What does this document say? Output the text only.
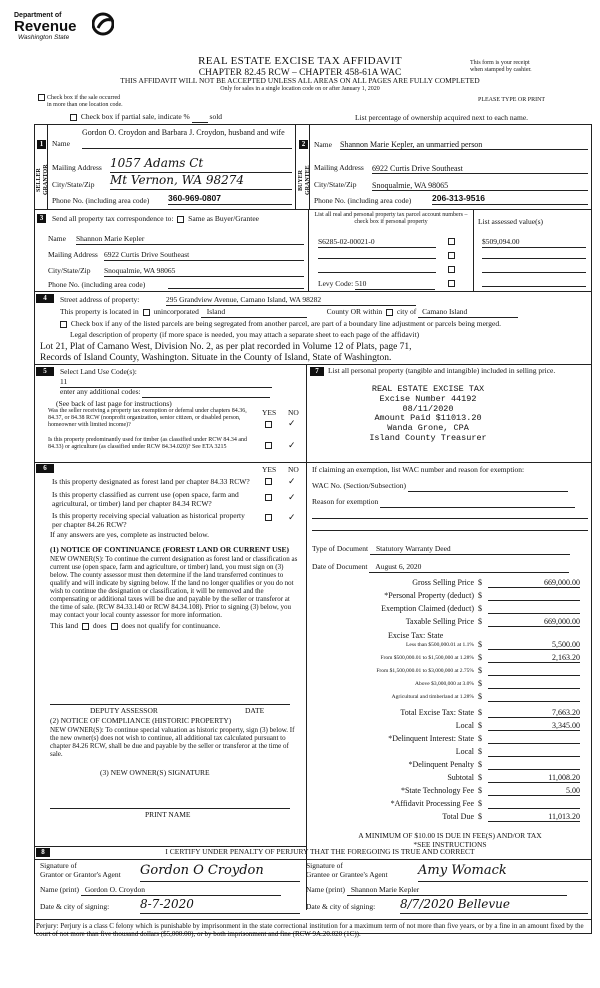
Department of
Revenue
Washington State
REAL ESTATE EXCISE TAX AFFIDAVIT
CHAPTER 82.45 RCW – CHAPTER 458-61A WAC
THIS AFFIDAVIT WILL NOT BE ACCEPTED UNLESS ALL AREAS ON ALL PAGES ARE FULLY COMPLETED
Only for sales in a single location code on or after January 1, 2020
This form is your receipt
when stamped by cashier.
PLEASE TYPE OR PRINT
Check box if the sale occurred
in more than one location code.
Check box if partial sale, indicate %	sold	List percentage of ownership acquired next to each name.
1
SELLER GRANTOR
Name
Gordon O. Croydon and Barbara J. Croydon, husband and wife
Mailing Address 1057 Adams Ct
City/State/Zip Mt Vernon, WA 98274
Phone No. (including area code) 360-969-0807
2
BUYER GRANTEE
Name Shannon Marie Kepler, an unmarried person
Mailing Address 6922 Curtis Drive Southeast
City/State/Zip Snoqualmie, WA 98065
Phone No. (including area code) 206-313-9516
3	Send all property tax correspondence to: Same as Buyer/Grantee
Name Shannon Marie Kepler
Mailing Address 6922 Curtis Drive Southeast
City/State/Zip Snoqualmie, WA 98065
Phone No. (including area code)
List all real and personal property tax parcel account numbers – check box if personal property	List assessed value(s)
S6285-02-00021-0	$509,094.00
Levy Code: 510
4	Street address of property:	295 Grandview Avenue, Camano Island, WA 98282
This property is located in unincorporated Island	County OR within city of Camano Island
Check box if any of the listed parcels are being segregated from another parcel, are part of a boundary line adjustment or parcels being merged.
Legal description of property (if more space is needed, you may attach a separate sheet to each page of the affidavit)
Lot 21, Plat of Camano West, Division No. 2, as per plat recorded in Volume 12 of Plats, page 71,
Records of Island County, Washington. Situate in the County of Island, State of Washington.
5	Select Land Use Code(s):
11
enter any additional codes:
(See back of last page for instructions)
YES NO
Was the seller receiving a property tax exemption or deferral under chapters 84.36, 84.37, or 84.38 RCW (nonprofit organization, senior citizen, or disabled person, homeowner with limited income)?	✓
Is this property predominantly used for timber (as classified under RCW 84.34 and 84.33) or agriculture (as classified under RCW 84.34.020)? See ETA 3215	✓
6	YES NO
Is this property designated as forest land per chapter 84.33 RCW?	✓
Is this property classified as current use (open space, farm and agricultural, or timber) land per chapter 84.34 RCW?
✓
Is this property receiving special valuation as historical property per chapter 84.26 RCW?
✓
If any answers are yes, complete as instructed below.
(1) NOTICE OF CONTINUANCE (FOREST LAND OR CURRENT USE)
NEW OWNER(S): To continue the current designation as forest land or classification as current use (open space, farm and agriculture, or timber) land, you must sign on (3) below. The county assessor must then determine if the land transferred continues to qualify and will indicate by signing below. If the land no longer qualifies or you do not wish to continue the designation or classification, it will be removed and the compensating or additional taxes will be due and payable by the seller or transferor at the time of sale. (RCW 84.33.140 or RCW 84.34.108). Prior to signing (3) below, you may contact your local county assessor for more information.
This land does does not qualify for continuance.
DEPUTY ASSESSOR	DATE
(2) NOTICE OF COMPLIANCE (HISTORIC PROPERTY)
NEW OWNER(S): To continue special valuation as historic property, sign (3) below. If the new owner(s) does not wish to continue, all additional tax calculated pursuant to chapter 84.26 RCW, shall be due and payable by the seller or transferor at the time of sale.
(3) NEW OWNER(S) SIGNATURE
PRINT NAME
7	List all personal property (tangible and intangible) included in selling price.
REAL ESTATE EXCISE TAX
Excise Number 44192
08/11/2020
Amount Paid $11013.20
Wanda Grone, CPA
Island County Treasurer
If claiming an exemption, list WAC number and reason for exemption:
WAC No. (Section/Subsection)
Reason for exemption
Type of Document Statutory Warranty Deed
Date of Document August 6, 2020
Gross Selling Price $	669,000.00
*Personal Property (deduct) $
Exemption Claimed (deduct) $
Taxable Selling Price $	669,000.00
Excise Tax: State
Less than $500,000.01 at 1.1% $	5,500.00
From $500,000.01 to $1,500,000 at 1.28% $	2,163.20
From $1,500,000.01 to $3,000,000 at 2.75% $
Above $3,000,000 at 3.0% $
Agricultural and timberland at 1.28% $
Total Excise Tax: State $	7,663.20
Local $	3,345.00
*Delinquent Interest: State $
Local $
*Delinquent Penalty $
Subtotal $	11,008.20
*State Technology Fee $	5.00
*Affidavit Processing Fee $
Total Due $	11,013.20
A MINIMUM OF $10.00 IS DUE IN FEE(S) AND/OR TAX
*SEE INSTRUCTIONS
8	I CERTIFY UNDER PENALTY OF PERJURY THAT THE FOREGOING IS TRUE AND CORRECT
Signature of
Grantor or Grantor's Agent Gordon O Croydon
Name (print) Gordon O. Croydon
Date & city of signing:	8-7-2020
Signature of
Grantee or Grantee's Agent Amy Womack
Name (print) Shannon Marie Kepler
Date & city of signing: 8/7/2020 Bellevue
Perjury: Perjury is a class C felony which is punishable by imprisonment in the state correctional institution for a maximum term of not more than five years, or by a fine in an amount fixed by the court of not more than five thousand dollars ($5,000.00), or by both imprisonment and fine (RCW 9A.20.020 (1C)).
